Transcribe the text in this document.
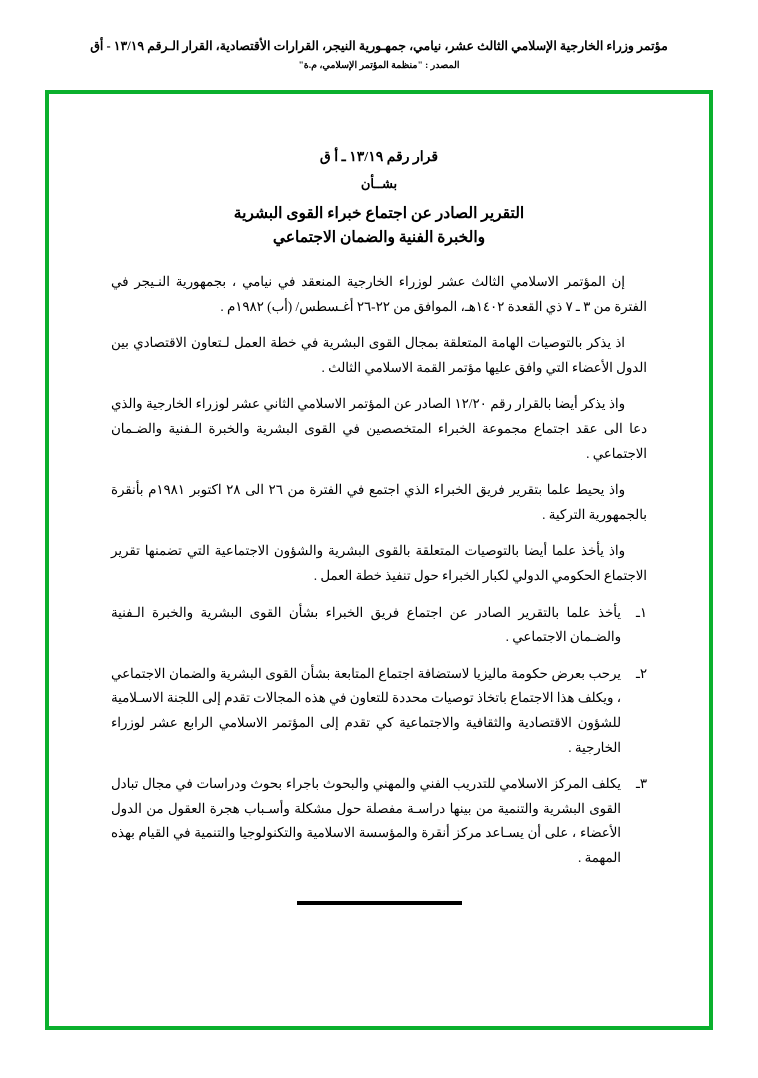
مؤتمر وزراء الخارجية الإسلامي الثالث عشر، نيامي، جمهـورية النيجر، القرارات الأقتصادية، القرار الـرقم ١٣/١٩ - أق
المصدر : "منظمة المؤتمر الإسلامي، م.ة"
قرار رقم ١٣/١٩ ـ أ ق
بشــأن
التقرير الصادر عن اجتماع خبراء القوى البشرية
والخبرة الفنية والضمان الاجتماعي

إن المؤتمر الاسلامي الثالث عشر لوزراء الخارجية المنعقد في نيامي ، بجمهورية النـيجر في الفترة من ٣ ـ ٧ ذي القعدة ١٤٠٢هـ، الموافق من ٢٢-٢٦ أغـسطس/ (أب) ١٩٨٢م .

اذ يذكر بالتوصيات الهامة المتعلقة بمجال القوى البشرية في خطة العمل لـتعاون الاقتصادي بين الدول الأعضاء التي وافق عليها مؤتمر القمة الاسلامي الثالث .

واذ يذكر أيضا بالقرار رقم ١٢/٢٠ الصادر عن المؤتمر الاسلامي الثاني عشر لوزراء الخارجية والذي دعا الى عقد اجتماع مجموعة الخبراء المتخصصين في القوى البشرية والخبرة الـفنية والضـمان الاجتماعي .

واذ يحيط علما بتقرير فريق الخبراء الذي اجتمع في الفترة من ٢٦ الى ٢٨ اكتوبر ١٩٨١م بأنقرة بالجمهورية التركية .

واذ يأخذ علما أيضا بالتوصيات المتعلقة بالقوى البشرية والشؤون الاجتماعية التي تضمنها تقرير الاجتماع الحكومي الدولي لكبار الخبراء حول تنفيذ خطة العمل .

١ـ
يأخذ علما بالتقرير الصادر عن اجتماع فريق الخبراء بشأن القوى البشرية والخبرة الـفنية والضـمان الاجتماعي .
٢ـ
يرحب بعرض حكومة ماليزيا لاستضافة اجتماع المتابعة بشأن القوى البشرية والضمان الاجتماعي ، ويكلف هذا الاجتماع باتخاذ توصيات محددة للتعاون في هذه المجالات تقدم إلى اللجنة الاسـلامية للشؤون الاقتصادية والثقافية والاجتماعية كي تقدم إلى المؤتمر الاسلامي الرابع عشر لوزراء الخارجية .
٣ـ
يكلف المركز الاسلامي للتدريب الفني والمهني والبحوث باجراء بحوث ودراسات في مجال تبادل القوى البشرية والتنمية من بينها دراسـة مفصلة حول مشكلة وأسـباب هجرة العقول من الدول الأعضاء ، على أن يسـاعد مركز أنقرة والمؤسسة الاسلامية والتكنولوجيا والتنمية في القيام بهذه المهمة .
